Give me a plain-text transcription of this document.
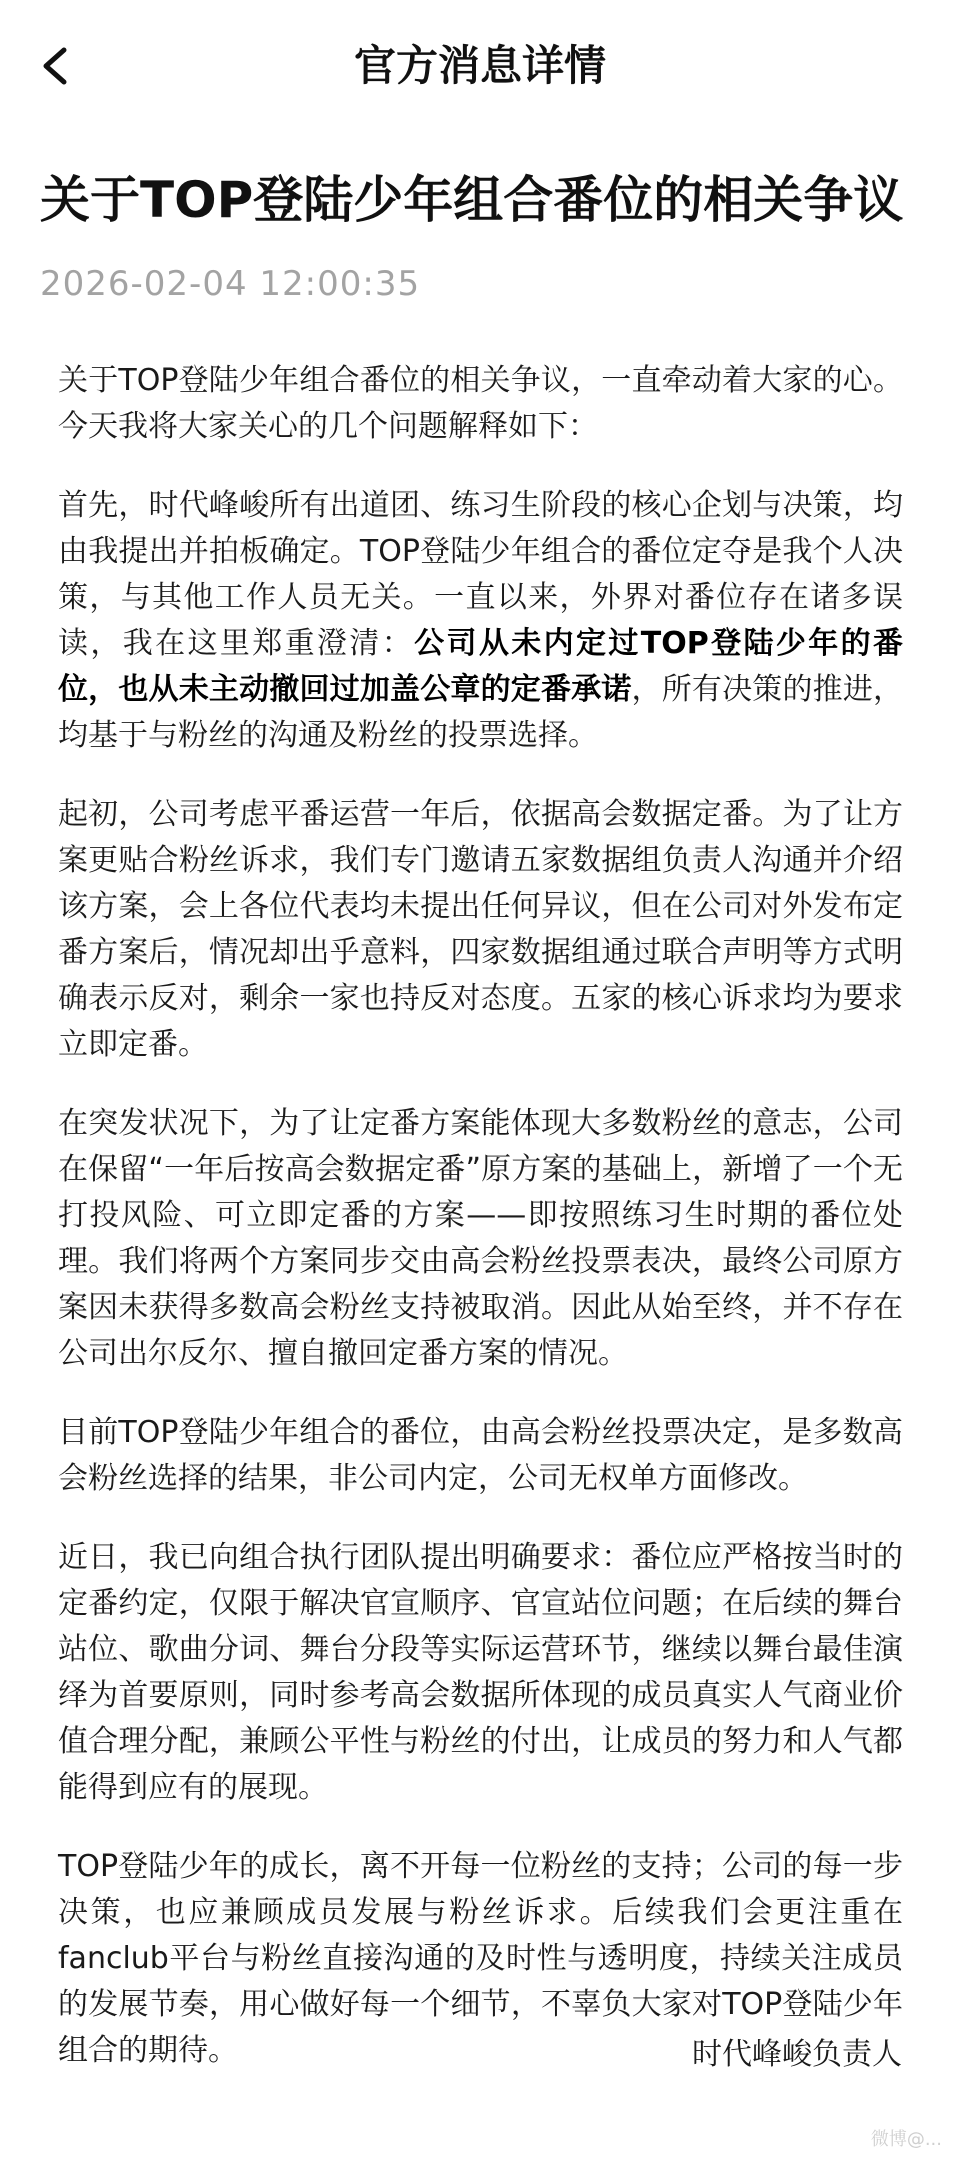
官方消息详情
关于TOP登陆少年组合番位的相关争议
2026-02-04 12:00:35

关于TOP登陆少年组合番位的相关争议，一直牵动着大家的心。今天我将大家关心的几个问题解释如下：

首先，时代峰峻所有出道团、练习生阶段的核心企划与决策，均由我提出并拍板确定。TOP登陆少年组合的番位定夺是我个人决策，与其他工作人员无关。一直以来，外界对番位存在诸多误读，我在这里郑重澄清：公司从未内定过TOP登陆少年的番位，也从未主动撤回过加盖公章的定番承诺，所有决策的推进，均基于与粉丝的沟通及粉丝的投票选择。

起初，公司考虑平番运营一年后，依据高会数据定番。为了让方案更贴合粉丝诉求，我们专门邀请五家数据组负责人沟通并介绍该方案，会上各位代表均未提出任何异议，但在公司对外发布定番方案后，情况却出乎意料，四家数据组通过联合声明等方式明确表示反对，剩余一家也持反对态度。五家的核心诉求均为要求立即定番。

在突发状况下，为了让定番方案能体现大多数粉丝的意志，公司在保留“一年后按高会数据定番”原方案的基础上，新增了一个无打投风险、可立即定番的方案——即按照练习生时期的番位处理。我们将两个方案同步交由高会粉丝投票表决，最终公司原方案因未获得多数高会粉丝支持被取消。因此从始至终，并不存在公司出尔反尔、擅自撤回定番方案的情况。

目前TOP登陆少年组合的番位，由高会粉丝投票决定，是多数高会粉丝选择的结果，非公司内定，公司无权单方面修改。

近日，我已向组合执行团队提出明确要求：番位应严格按当时的定番约定，仅限于解决官宣顺序、官宣站位问题；在后续的舞台站位、歌曲分词、舞台分段等实际运营环节，继续以舞台最佳演绎为首要原则，同时参考高会数据所体现的成员真实人气商业价值合理分配，兼顾公平性与粉丝的付出，让成员的努力和人气都能得到应有的展现。

TOP登陆少年的成长，离不开每一位粉丝的支持；公司的每一步决策，也应兼顾成员发展与粉丝诉求。后续我们会更注重在fanclub平台与粉丝直接沟通的及时性与透明度，持续关注成员的发展节奏，用心做好每一个细节，不辜负大家对TOP登陆少年组合的期待。	时代峰峻负责人
微博@...
